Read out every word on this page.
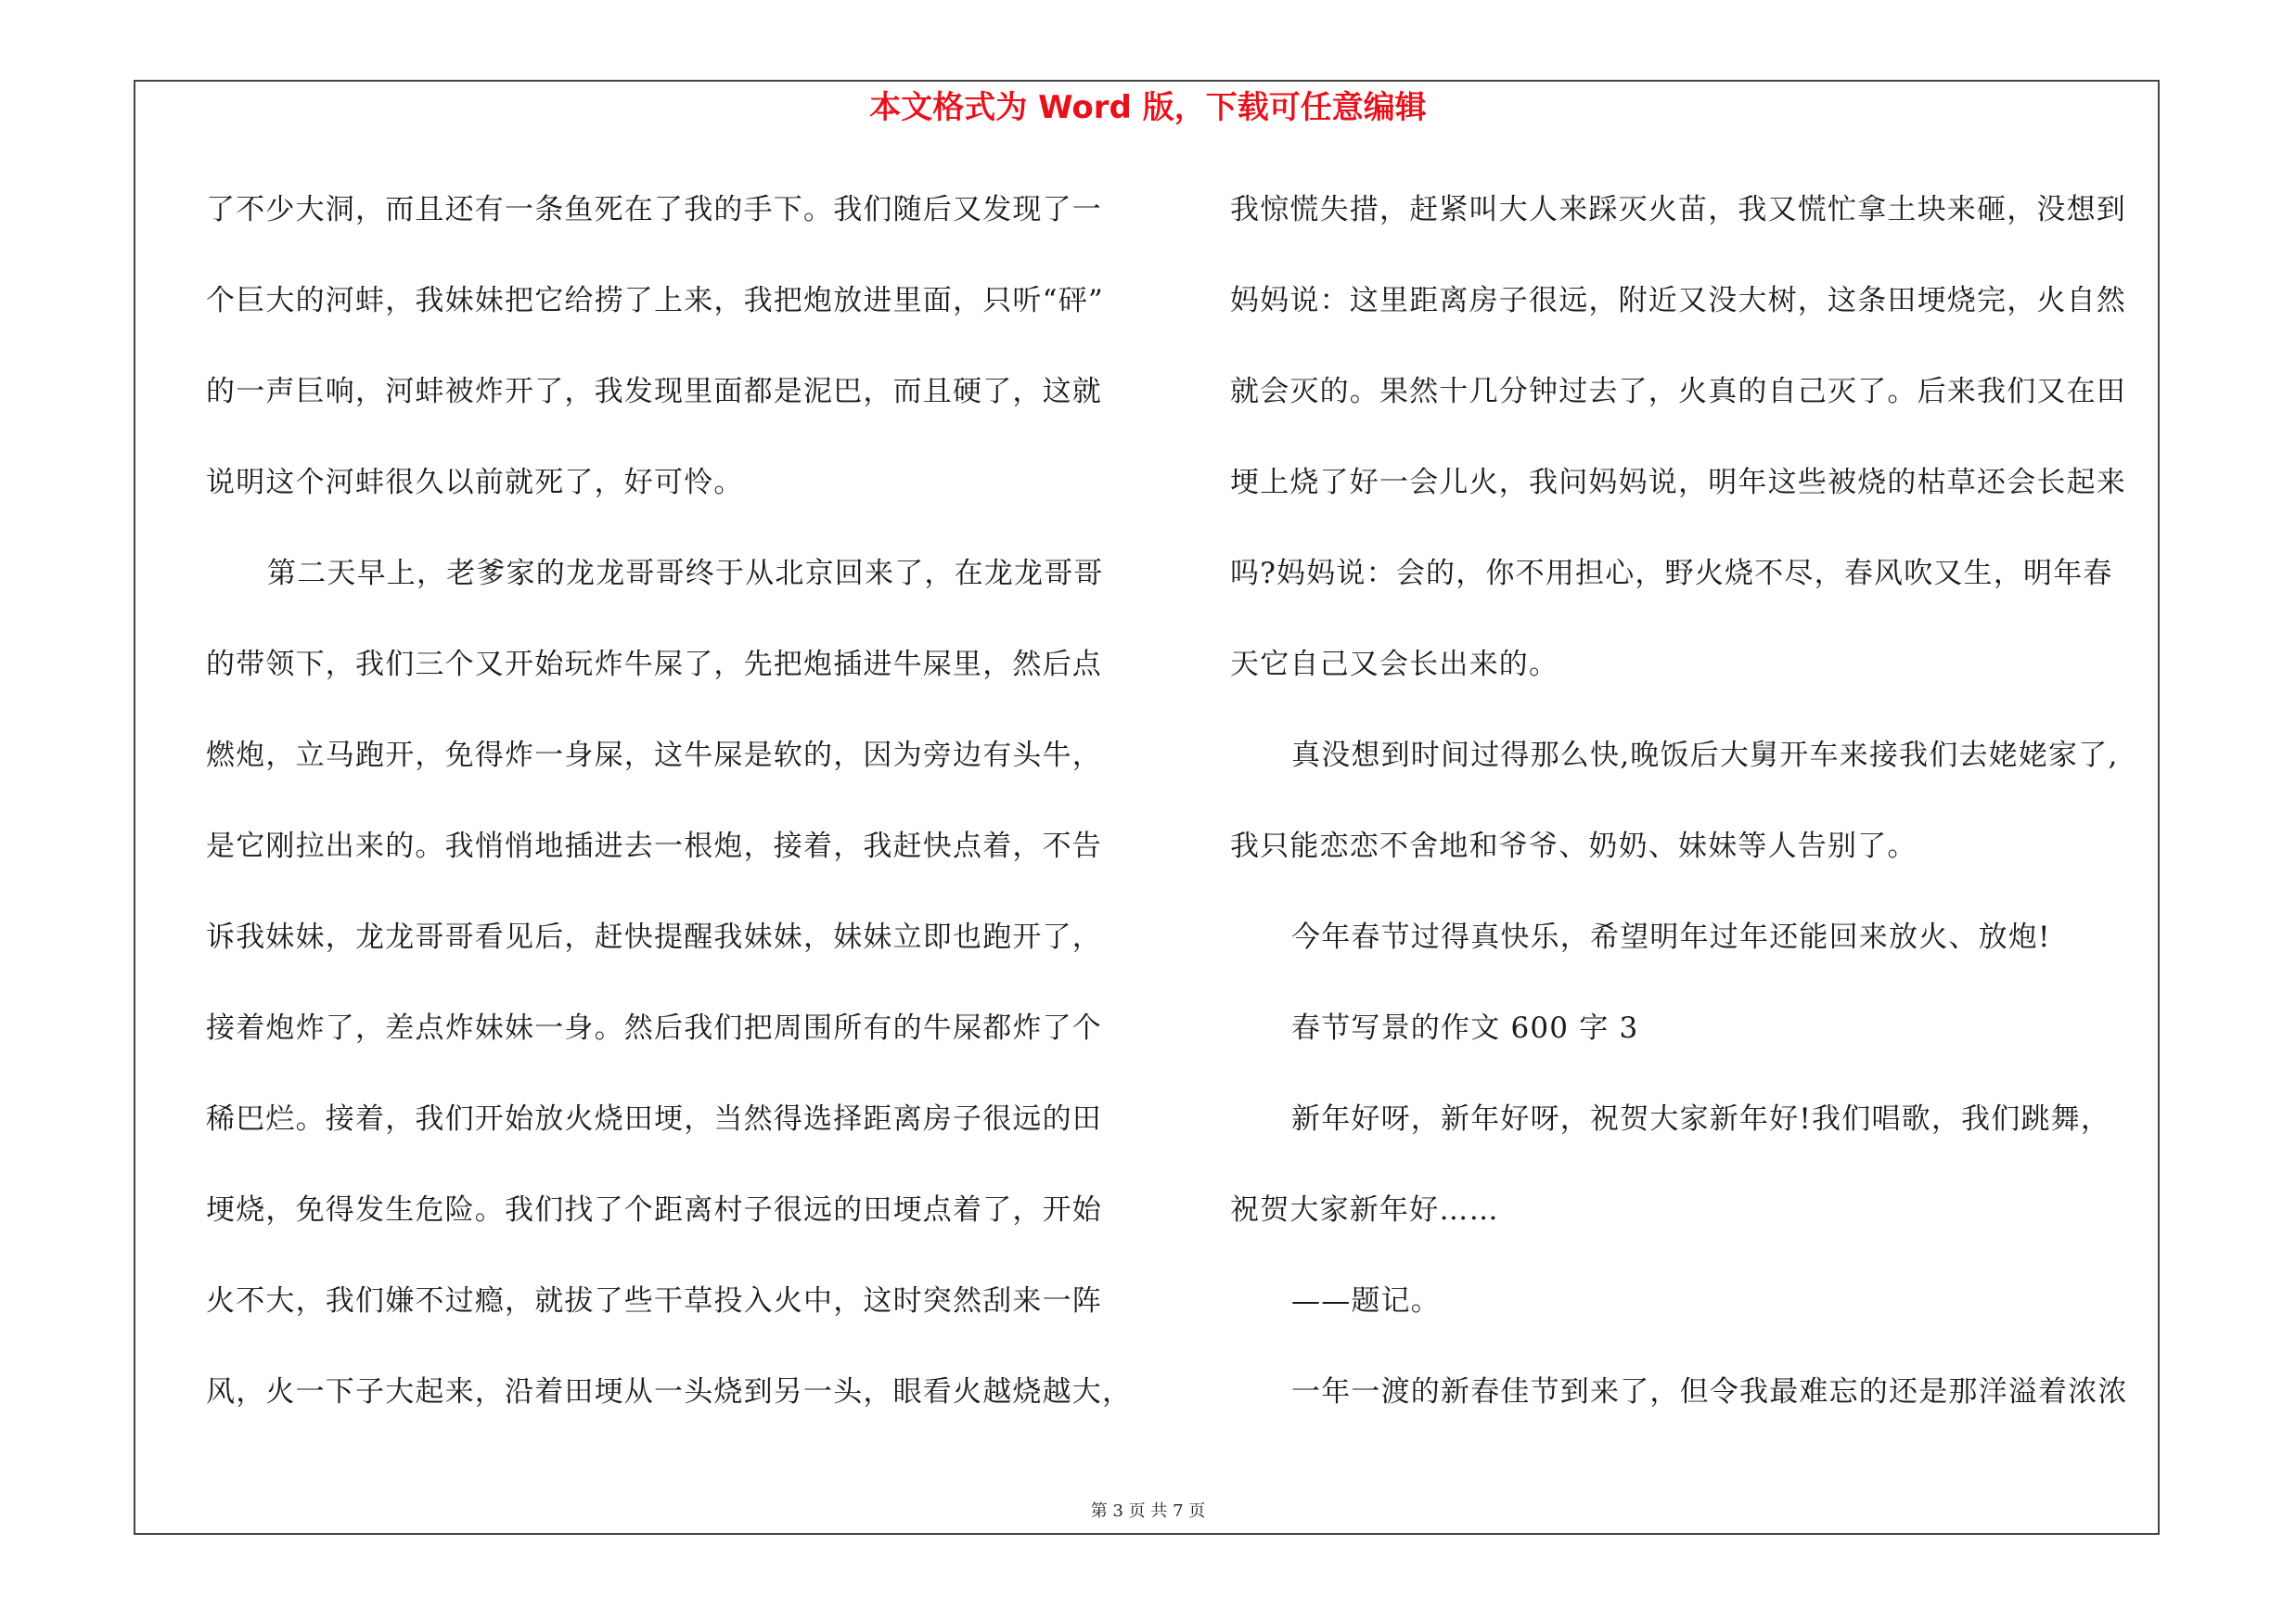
本文格式为 Word 版，下载可任意编辑
了不少大洞，而且还有一条鱼死在了我的手下。我们随后又发现了一
个巨大的河蚌，我妹妹把它给捞了上来，我把炮放进里面，只听“砰”
的一声巨响，河蚌被炸开了，我发现里面都是泥巴，而且硬了，这就
说明这个河蚌很久以前就死了，好可怜。
第二天早上，老爹家的龙龙哥哥终于从北京回来了，在龙龙哥哥
的带领下，我们三个又开始玩炸牛屎了，先把炮插进牛屎里，然后点
燃炮，立马跑开，免得炸一身屎，这牛屎是软的，因为旁边有头牛，
是它刚拉出来的。我悄悄地插进去一根炮，接着，我赶快点着，不告
诉我妹妹，龙龙哥哥看见后，赶快提醒我妹妹，妹妹立即也跑开了，
接着炮炸了，差点炸妹妹一身。然后我们把周围所有的牛屎都炸了个
稀巴烂。接着，我们开始放火烧田埂，当然得选择距离房子很远的田
埂烧，免得发生危险。我们找了个距离村子很远的田埂点着了，开始
火不大，我们嫌不过瘾，就拔了些干草投入火中，这时突然刮来一阵
风，火一下子大起来，沿着田埂从一头烧到另一头，眼看火越烧越大，
我惊慌失措，赶紧叫大人来踩灭火苗，我又慌忙拿土块来砸，没想到
妈妈说：这里距离房子很远，附近又没大树，这条田埂烧完，火自然
就会灭的。果然十几分钟过去了，火真的自己灭了。后来我们又在田
埂上烧了好一会儿火，我问妈妈说，明年这些被烧的枯草还会长起来
吗?妈妈说：会的，你不用担心，野火烧不尽，春风吹又生，明年春
天它自己又会长出来的。
真没想到时间过得那么快,晚饭后大舅开车来接我们去姥姥家了,
我只能恋恋不舍地和爷爷、奶奶、妹妹等人告别了。
今年春节过得真快乐，希望明年过年还能回来放火、放炮!
春节写景的作文 600 字 3
新年好呀，新年好呀，祝贺大家新年好!我们唱歌，我们跳舞，
祝贺大家新年好……
——题记。
一年一渡的新春佳节到来了，但令我最难忘的还是那洋溢着浓浓
第 3 页 共 7 页
